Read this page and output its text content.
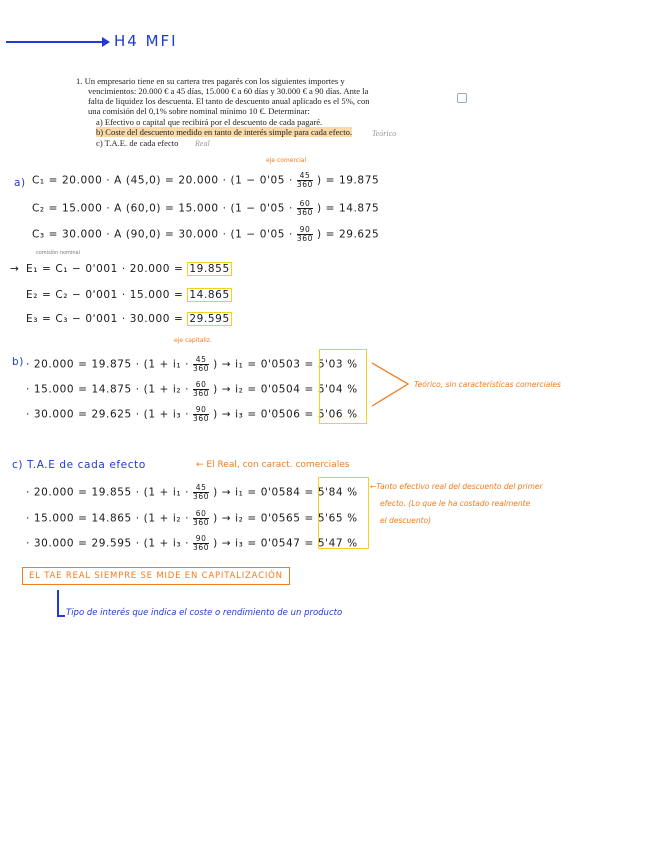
H4 MFI
1. Un empresario tiene en su cartera tres pagarés con los siguientes importes y
vencimientos: 20.000 € a 45 días, 15.000 € a 60 días y 30.000 € a 90 días. Ante la
falta de liquidez los descuenta. El tanto de descuento anual aplicado es el 5%, con
una comisión del 0,1% sobre nominal mínimo 10 €. Determinar:
a) Efectivo o capital que recibirá por el descuento de cada pagaré.
b) Coste del descuento medido en tanto de interés simple para cada efecto. Teórico
c) T.A.E. de cada efecto Real
a)
eje comercial
C₁ = 20.000 · A $(45,0) = 20.000 \cdot (1 - 0'05 \cdot \frac{45}{360}$ ) = 19.875
C₂ = 15.000 · A $(60,0) = 15.000 \cdot (1 - 0'05 \cdot \frac{60}{360}$ ) = 14.875
C₃ = 30.000 · A $(90,0) = 30.000 \cdot (1 - 0'05 \cdot \frac{90}{360}$ ) = 29.625
comisión nominal
→ E₁ = C₁ − 0'001 · 20.000 = 19.855
E₂ = C₂ − 0'001 · 15.000 = 14.865
E₃ = C₃ − 0'001 · 30.000 = 29.595
b)
eje capitaliz.
· $20.000 = 19.875 \cdot (1 + i_1 \cdot \frac{45}{360}$ ) → i₁ = 0'0503 = 5'03 %
· $15.000 = 14.875 \cdot (1 + i_2 \cdot \frac{60}{360}$ ) → i₂ = 0'0504 = 5'04 %
· $30.000 = 29.625 \cdot (1 + i_3 \cdot \frac{90}{360}$ ) → i₃ = 0'0506 = 5'06 %
Teórico, sin características comerciales
c) T.A.E de cada efecto	← El Real, con caract. comerciales
· $20.000 = 19.855 \cdot (1 + i_1 \cdot \frac{45}{360}$ ) → i₁ = 0'0584 = 5'84 %
· $15.000 = 14.865 \cdot (1 + i_2 \cdot \frac{60}{360}$ ) → i₂ = 0'0565 = 5'65 %
· $30.000 = 29.595 \cdot (1 + i_3 \cdot \frac{90}{360}$ ) → i₃ = 0'0547 = 5'47 %
←Tanto efectivo real del descuento del primer
efecto. (Lo que le ha costado realmente
el descuento)
EL TAE REAL SIEMPRE SE MIDE EN CAPITALIZACIÓN
Tipo de interés que indica el coste o rendimiento de un producto
